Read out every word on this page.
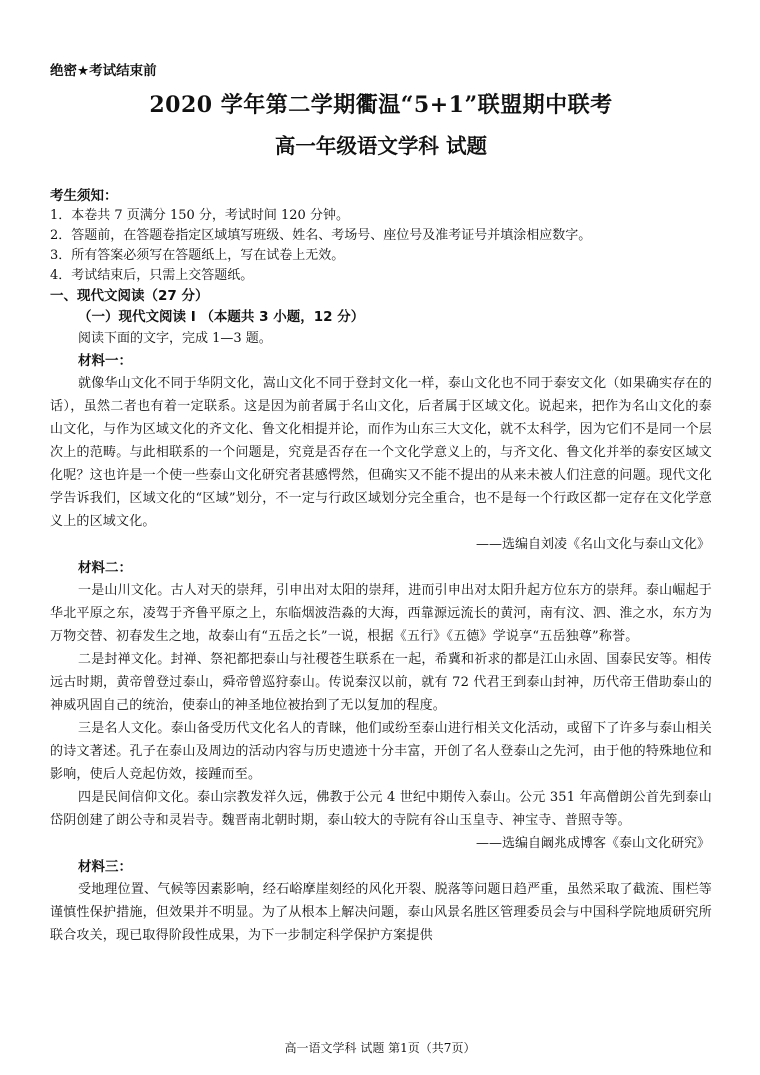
绝密★考试结束前
2020 学年第二学期衢温“5+1”联盟期中联考
高一年级语文学科 试题
考生须知：

1．本卷共 7 页满分 150 分，考试时间 120 分钟。

2．答题前，在答题卷指定区域填写班级、姓名、考场号、座位号及准考证号并填涂相应数字。

3．所有答案必须写在答题纸上，写在试卷上无效。

4．考试结束后，只需上交答题纸。

一、现代文阅读（27 分）
（一）现代文阅读 I （本题共 3 小题，12 分）
阅读下面的文字，完成 1—3 题。
材料一：

就像华山文化不同于华阴文化，嵩山文化不同于登封文化一样，泰山文化也不同于泰安文化（如果确实存在的话），虽然二者也有着一定联系。这是因为前者属于名山文化，后者属于区域文化。说起来，把作为名山文化的泰山文化，与作为区域文化的齐文化、鲁文化相提并论，而作为山东三大文化，就不太科学，因为它们不是同一个层次上的范畴。与此相联系的一个问题是，究竟是否存在一个文化学意义上的，与齐文化、鲁文化并举的泰安区域文化呢？这也许是一个使一些泰山文化研究者甚感愕然，但确实又不能不提出的从来未被人们注意的问题。现代文化学告诉我们，区域文化的“区域”划分，不一定与行政区域划分完全重合，也不是每一个行政区都一定存在文化学意义上的区域文化。

——选编自刘凌《名山文化与泰山文化》

材料二：

一是山川文化。古人对天的崇拜，引申出对太阳的崇拜，进而引申出对太阳升起方位东方的崇拜。泰山崛起于华北平原之东，凌驾于齐鲁平原之上，东临烟波浩淼的大海，西靠源远流长的黄河，南有汶、泗、淮之水，东方为万物交替、初春发生之地，故泰山有“五岳之长”一说，根据《五行》《五德》学说享“五岳独尊”称誉。

二是封禅文化。封禅、祭祀都把泰山与社稷苍生联系在一起，希冀和祈求的都是江山永固、国泰民安等。相传远古时期，黄帝曾登过泰山，舜帝曾巡狩泰山。传说秦汉以前，就有 72 代君王到泰山封神，历代帝王借助泰山的神威巩固自己的统治，使泰山的神圣地位被抬到了无以复加的程度。

三是名人文化。泰山备受历代文化名人的青睐，他们或纷至泰山进行相关文化活动，或留下了许多与泰山相关的诗文著述。孔子在泰山及周边的活动内容与历史遗迹十分丰富，开创了名人登泰山之先河，由于他的特殊地位和影响，使后人竞起仿效，接踵而至。

四是民间信仰文化。泰山宗教发祥久远，佛教于公元 4 世纪中期传入泰山。公元 351 年高僧朗公首先到泰山岱阴创建了朗公寺和灵岩寺。魏晋南北朝时期，泰山较大的寺院有谷山玉皇寺、神宝寺、普照寺等。

——选编自阚兆成博客《泰山文化研究》

材料三：

受地理位置、气候等因素影响，经石峪摩崖刻经的风化开裂、脱落等问题日趋严重，虽然采取了截流、围栏等谨慎性保护措施，但效果并不明显。为了从根本上解决问题，泰山风景名胜区管理委员会与中国科学院地质研究所联合攻关，现已取得阶段性成果，为下一步制定科学保护方案提供

高一语文学科 试题 第1页（共7页）
